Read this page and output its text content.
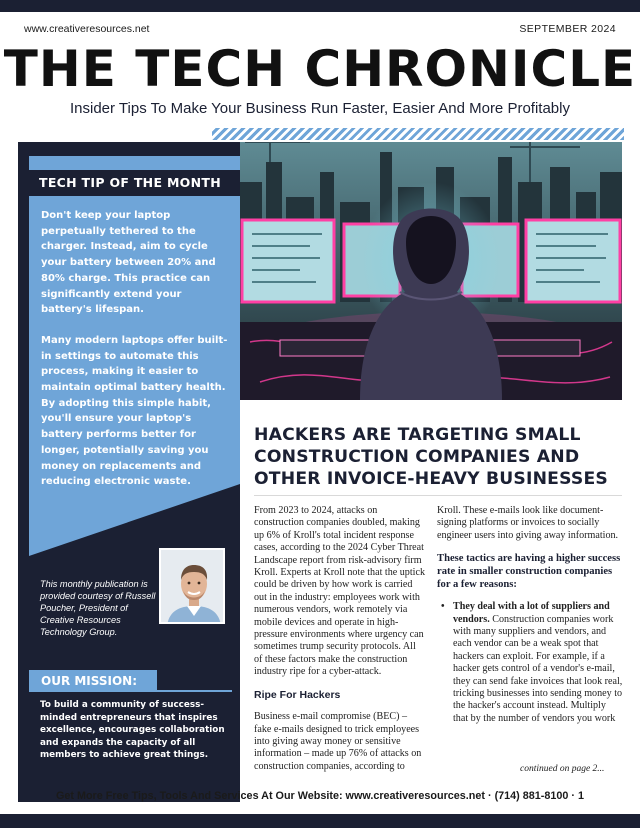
www.creativeresources.net	SEPTEMBER 2024
THE TECH CHRONICLE
Insider Tips To Make Your Business Run Faster, Easier And More Profitably
TECH TIP OF THE MONTH

Don't keep your laptop perpetually tethered to the charger. Instead, aim to cycle your battery between 20% and 80% charge. This practice can significantly extend your battery's lifespan.

Many modern laptops offer built-in settings to automate this process, making it easier to maintain optimal battery health. By adopting this simple habit, you'll ensure your laptop's battery performs better for longer, potentially saving you money on replacements and reducing electronic waste.

This monthly publication is provided courtesy of Russell Poucher, President of Creative Resources Technology Group.
OUR MISSION:
To build a community of success-minded entrepreneurs that inspires excellence, encourages collaboration and expands the capacity of all members to achieve great things.
HACKERS ARE TARGETING SMALL CONSTRUCTION COMPANIES AND OTHER INVOICE-HEAVY BUSINESSES

From 2023 to 2024, attacks on construction companies doubled, making up 6% of Kroll's total incident response cases, according to the 2024 Cyber Threat Landscape report from risk-advisory firm Kroll. Experts at Kroll note that the uptick could be driven by how work is carried out in the industry: employees work with numerous vendors, work remotely via mobile devices and operate in high-pressure environments where urgency can sometimes trump security protocols. All of these factors make the construction industry ripe for a cyber-attack.

Ripe For Hackers

Business e-mail compromise (BEC) – fake e-mails designed to trick employees into giving away money or sensitive information – made up 76% of attacks on construction companies, according to

Kroll. These e-mails look like document-signing platforms or invoices to socially engineer users into giving away information.

These tactics are having a higher success rate in smaller construction companies for a few reasons:

• They deal with a lot of suppliers and vendors. Construction companies work with many suppliers and vendors, and each vendor can be a weak spot that hackers can exploit. For example, if a hacker gets control of a vendor's e-mail, they can send fake invoices that look real, tricking businesses into sending money to the hacker's account instead. Multiply that by the number of vendors you work
continued on page 2...
Get More Free Tips, Tools And Services At Our Website: www.creativeresources.net · (714) 881-8100 · 1
